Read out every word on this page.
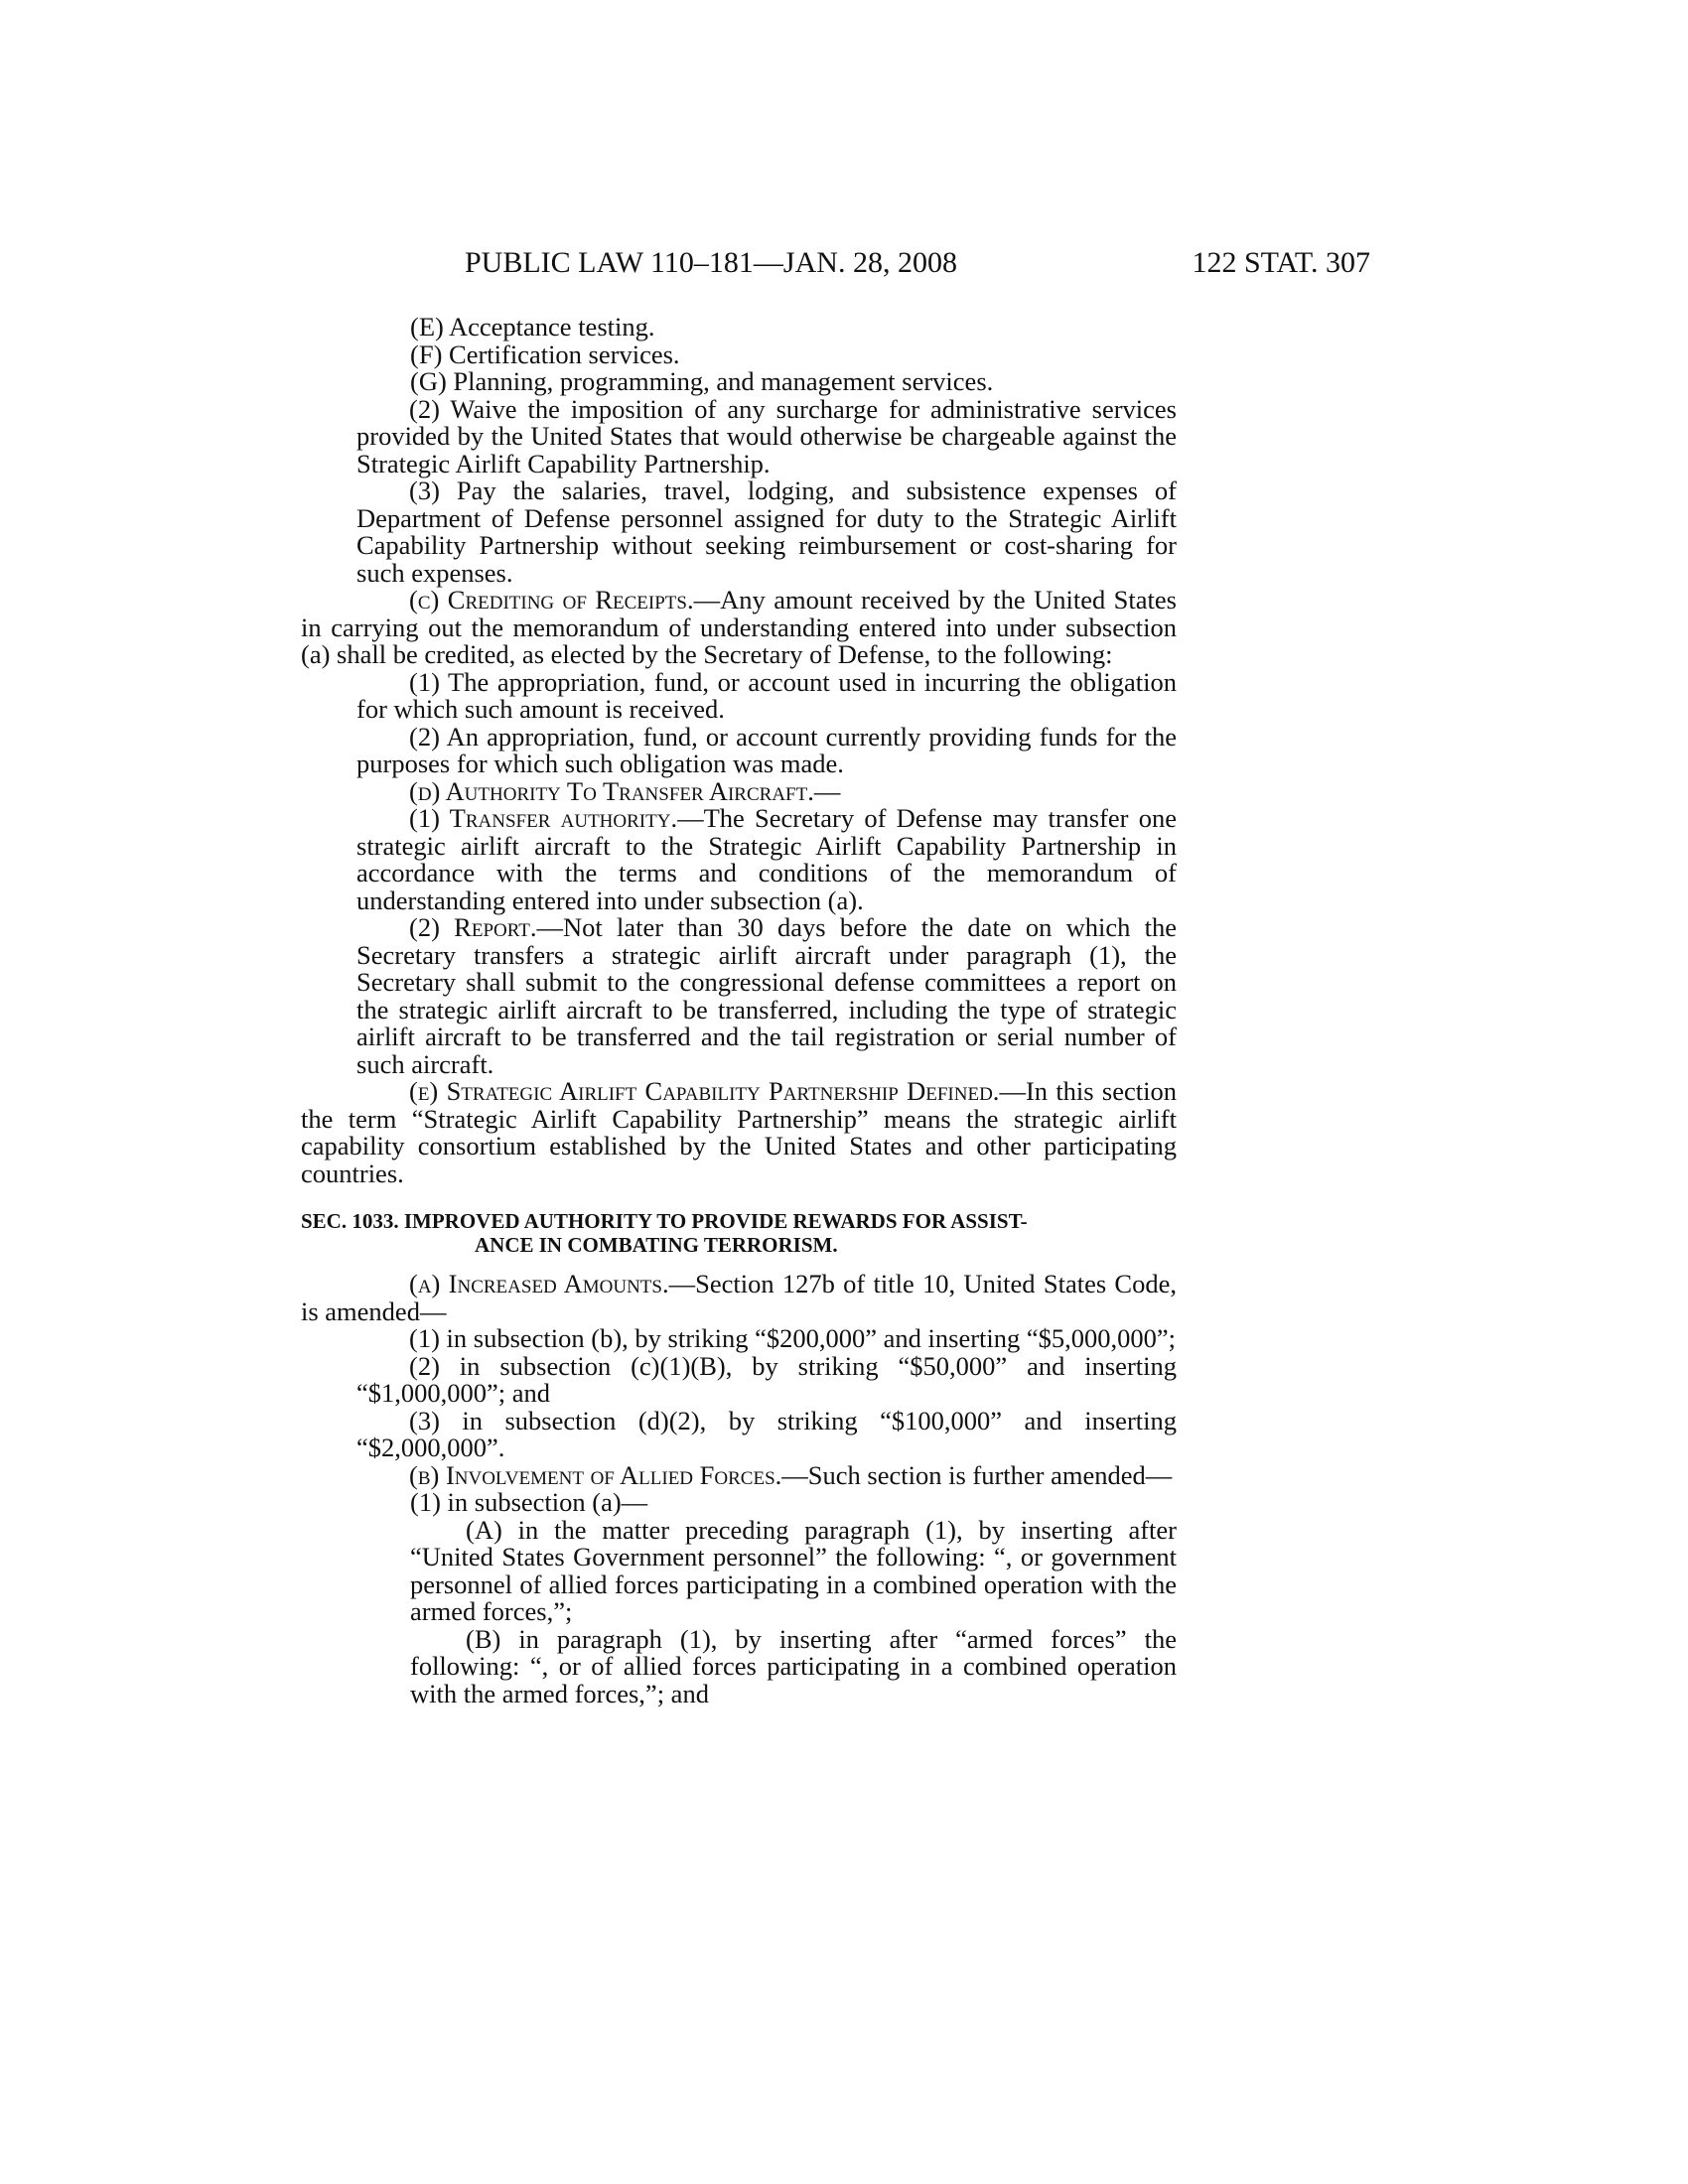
PUBLIC LAW 110–181—JAN. 28, 2008	122 STAT. 307

(E) Acceptance testing.

(F) Certification services.

(G) Planning, programming, and management services.

(2) Waive the imposition of any surcharge for administrative services provided by the United States that would otherwise be chargeable against the Strategic Airlift Capability Partnership.

(3) Pay the salaries, travel, lodging, and subsistence expenses of Department of Defense personnel assigned for duty to the Strategic Airlift Capability Partnership without seeking reimbursement or cost-sharing for such expenses.

(c) Crediting of Receipts.—Any amount received by the United States in carrying out the memorandum of understanding entered into under subsection (a) shall be credited, as elected by the Secretary of Defense, to the following:

(1) The appropriation, fund, or account used in incurring the obligation for which such amount is received.

(2) An appropriation, fund, or account currently providing funds for the purposes for which such obligation was made.

(d) Authority To Transfer Aircraft.—

(1) Transfer authority.—The Secretary of Defense may transfer one strategic airlift aircraft to the Strategic Airlift Capability Partnership in accordance with the terms and conditions of the memorandum of understanding entered into under subsection (a).

(2) Report.—Not later than 30 days before the date on which the Secretary transfers a strategic airlift aircraft under paragraph (1), the Secretary shall submit to the congressional defense committees a report on the strategic airlift aircraft to be transferred, including the type of strategic airlift aircraft to be transferred and the tail registration or serial number of such aircraft.

(e) Strategic Airlift Capability Partnership Defined.—In this section the term “Strategic Airlift Capability Partnership” means the strategic airlift capability consortium established by the United States and other participating countries.

SEC. 1033. IMPROVED AUTHORITY TO PROVIDE REWARDS FOR ASSIST-
ANCE IN COMBATING TERRORISM.

(a) Increased Amounts.—Section 127b of title 10, United States Code, is amended—

(1) in subsection (b), by striking “$200,000” and inserting “$5,000,000”;

(2) in subsection (c)(1)(B), by striking “$50,000” and inserting “$1,000,000”; and

(3) in subsection (d)(2), by striking “$100,000” and inserting “$2,000,000”.

(b) Involvement of Allied Forces.—Such section is further amended—

(1) in subsection (a)—

(A) in the matter preceding paragraph (1), by inserting after “United States Government personnel” the following: “, or government personnel of allied forces participating in a combined operation with the armed forces,”;

(B) in paragraph (1), by inserting after “armed forces” the following: “, or of allied forces participating in a combined operation with the armed forces,”; and
